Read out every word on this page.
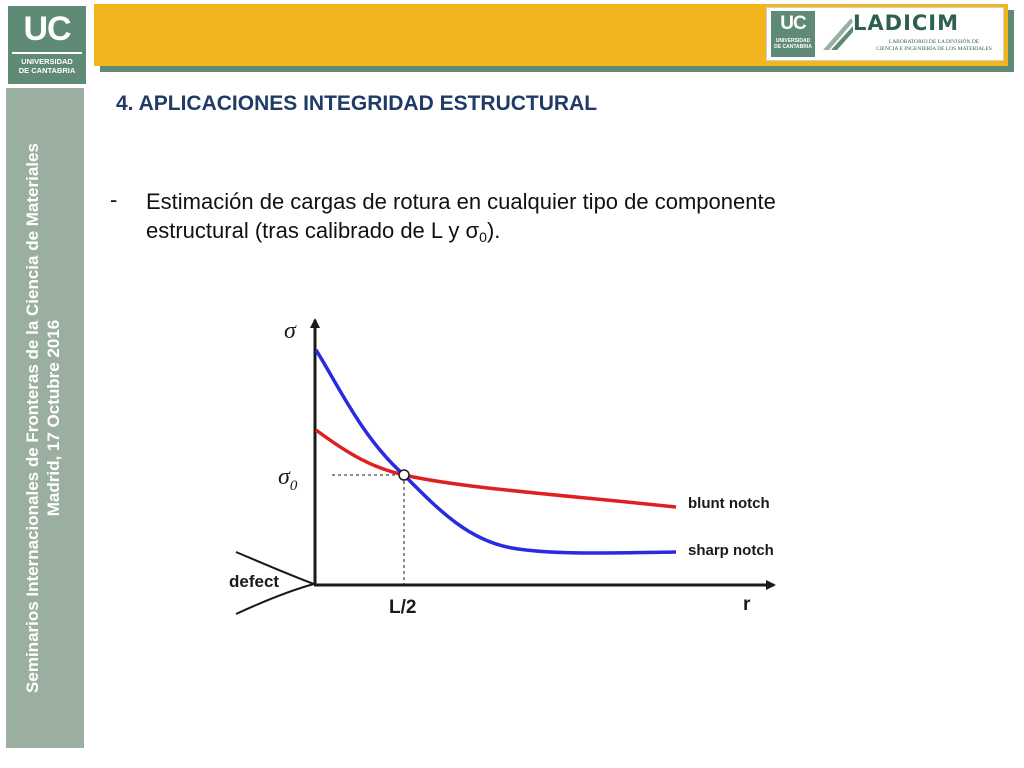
UC
UNIVERSIDAD
DE CANTABRIA
UC
UNIVERSIDAD
DE CANTABRIA
LADICIM
LABORATORIO DE LA DIVISIÓN DE
CIENCIA E INGENIERÍA DE LOS MATERIALES
Seminarios Internacionales de Fronteras de la Ciencia de Materiales Madrid, 17 Octubre 2016
4. APLICACIONES INTEGRIDAD ESTRUCTURAL
- Estimación de cargas de rotura en cualquier tipo de componente estructural (tras calibrado de L y $\sigma_0$).
σ
$\sigma_0$
blunt notch
sharp notch
defect
L/2	r
